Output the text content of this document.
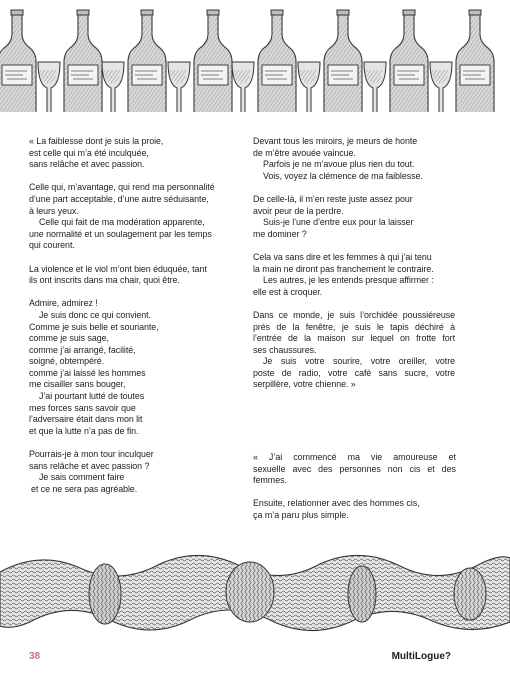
« La faiblesse dont je suis la proie,
est celle qui m’a été inculquée,
sans relâche et avec passion.

Celle qui, m’avantage, qui rend ma personnalité
d’une part acceptable, d’une autre séduisante,
à leurs yeux.
Celle qui fait de ma modération apparente,
une normalité et un soulagement par les temps
qui courent.

La violence et le viol m’ont bien éduquée, tant
ils ont inscrits dans ma chair, quoi être.

Admire, admirez !
Je suis donc ce qui convient.
Comme je suis belle et souriante,
comme je suis sage,
comme j’ai arrangé, facilité,
soigné, obtempéré.
comme j’ai laissé les hommes
me cisailler sans bouger,
J’ai pourtant lutté de toutes
mes forces sans savoir que
l’adversaire était dans mon lit
et que la lutte n’a pas de fin.

Pourrais-je à mon tour inculquer
sans relâche et avec passion ?
Je sais comment faire
et ce ne sera pas agréable.

Devant tous les miroirs, je meurs de honte
de m’être avouée vaincue.
Parfois je ne m’avoue plus rien du tout.
Vois, voyez la clémence de ma faiblesse.

De celle-là, il m’en reste juste assez pour
avoir peur de la perdre.
Suis-je l’une d’entre eux pour la laisser
me dominer ?

Cela va sans dire et les femmes à qui j’ai tenu
la main ne diront pas franchement le contraire.
Les autres, je les entends presque affirmer :
elle est à croquer.

Dans ce monde, je suis l’orchidée poussiéreuse
près de la fenêtre, je suis le tapis déchiré à
l’entrée de la maison sur lequel on frotte fort
ses chaussures.
Je suis votre sourire, votre oreiller, votre
poste de radio, votre café sans sucre, votre
serpillère, votre chienne. »

« J’ai commencé ma vie amoureuse et
sexuelle avec des personnes non cis et des
femmes.

Ensuite, relationner avec des hommes cis,
ça m’a paru plus simple.

38	MultiLogue?
